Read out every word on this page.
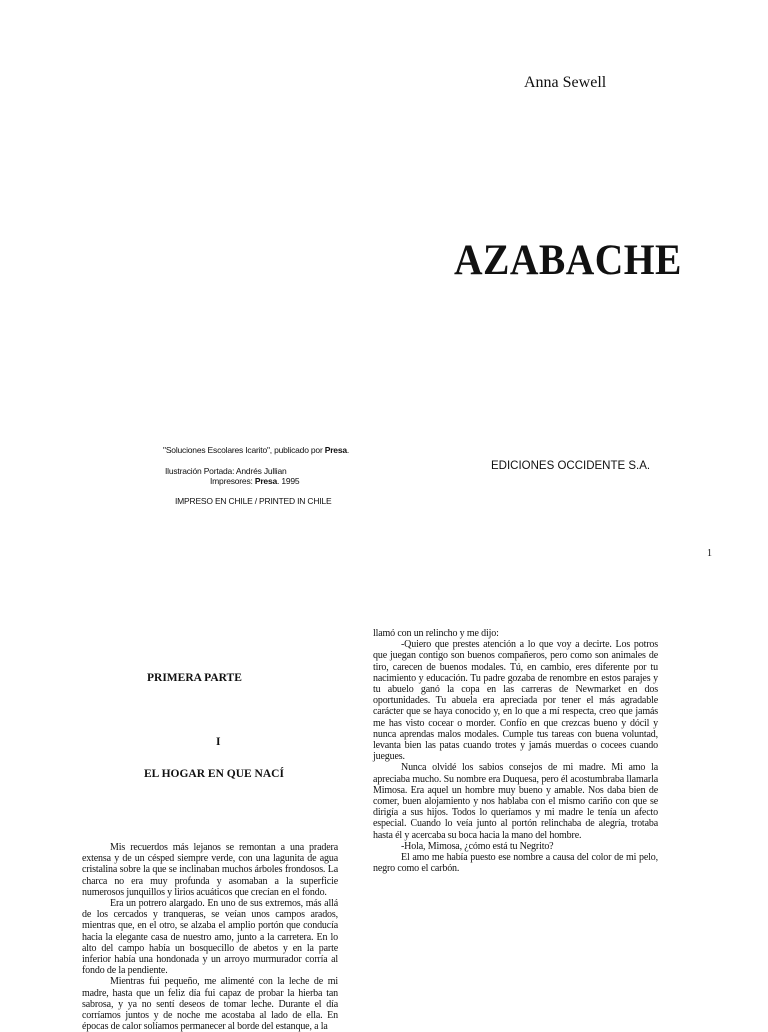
Anna Sewell
AZABACHE
"Soluciones Escolares Icarito", publicado por Presa.
Ilustración Portada: Andrés Jullian
Impresores: Presa. 1995
IMPRESO EN CHILE / PRINTED IN CHILE
EDICIONES OCCIDENTE S.A.
1
PRIMERA PARTE
I
EL HOGAR EN QUE NACÍ

Mis recuerdos más lejanos se remontan a una pradera extensa y de un césped siempre verde, con una lagunita de agua cristalina sobre la que se inclinaban muchos árboles frondosos. La charca no era muy profunda y asomaban a la superficie numerosos junquillos y lirios acuáticos que crecían en el fondo.

Era un potrero alargado. En uno de sus extremos, más allá de los cercados y tranqueras, se veían unos campos arados, mientras que, en el otro, se alzaba el amplio portón que conducía hacia la elegante casa de nuestro amo, junto a la carretera. En lo alto del campo había un bosquecillo de abetos y en la parte inferior había una hondonada y un arroyo murmurador corría al fondo de la pendiente.

Mientras fui pequeño, me alimenté con la leche de mi madre, hasta que un feliz día fui capaz de probar la hierba tan sabrosa, y ya no sentí deseos de tomar leche. Durante el día corríamos juntos y de noche me acostaba al lado de ella. En épocas de calor solíamos permanecer al borde del estanque, a la

llamó con un relincho y me dijo:

-Quiero que prestes atención a lo que voy a decirte. Los potros que juegan contigo son buenos compañeros, pero como son animales de tiro, carecen de buenos modales. Tú, en cambio, eres diferente por tu nacimiento y educación. Tu padre gozaba de renombre en estos parajes y tu abuelo ganó la copa en las carreras de Newmarket en dos oportunidades. Tu abuela era apreciada por tener el más agradable carácter que se haya conocido y, en lo que a mí respecta, creo que jamás me has visto cocear o morder. Confío en que crezcas bueno y dócil y nunca aprendas malos modales. Cumple tus tareas con buena voluntad, levanta bien las patas cuando trotes y jamás muerdas o cocees cuando juegues.

Nunca olvidé los sabios consejos de mi madre. Mi amo la apreciaba mucho. Su nombre era Duquesa, pero él acostumbraba llamarla Mimosa. Era aquel un hombre muy bueno y amable. Nos daba bien de comer, buen alojamiento y nos hablaba con el mismo cariño con que se dirigía a sus hijos. Todos lo queríamos y mi madre le tenía un afecto especial. Cuando lo veía junto al portón relinchaba de alegría, trotaba hasta él y acercaba su boca hacia la mano del hombre.

-Hola, Mimosa, ¿cómo está tu Negrito?

El amo me había puesto ese nombre a causa del color de mi pelo, negro como el carbón.
